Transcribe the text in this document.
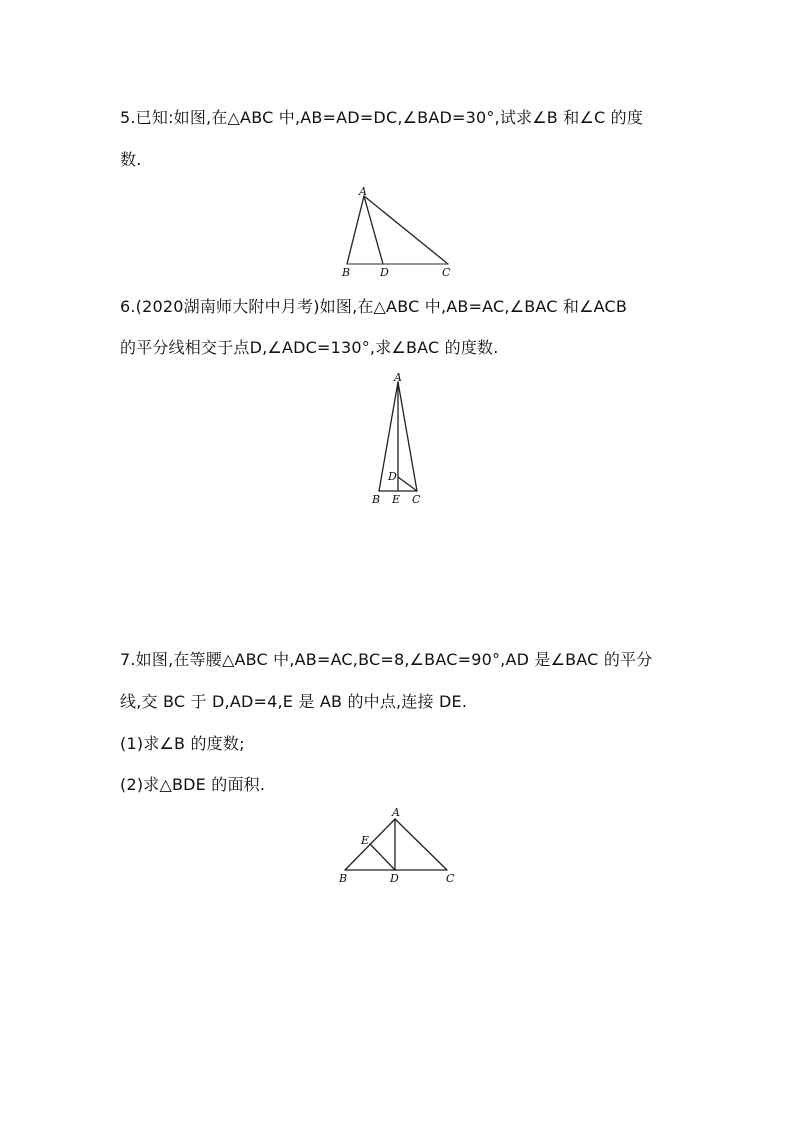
5.已知:如图,在△ABC 中,AB=AD=DC,∠BAD=30°,试求∠B 和∠C 的度
数.
A
B	D	C
6.(2020湖南师大附中月考)如图,在△ABC 中,AB=AC,∠BAC 和∠ACB
的平分线相交于点D,∠ADC=130°,求∠BAC 的度数.
A
D
B E C
7.如图,在等腰△ABC 中,AB=AC,BC=8,∠BAC=90°,AD 是∠BAC 的平分
线,交 BC 于 D,AD=4,E 是 AB 的中点,连接 DE.
(1)求∠B 的度数;
(2)求△BDE 的面积.
A
E
B	D	C
